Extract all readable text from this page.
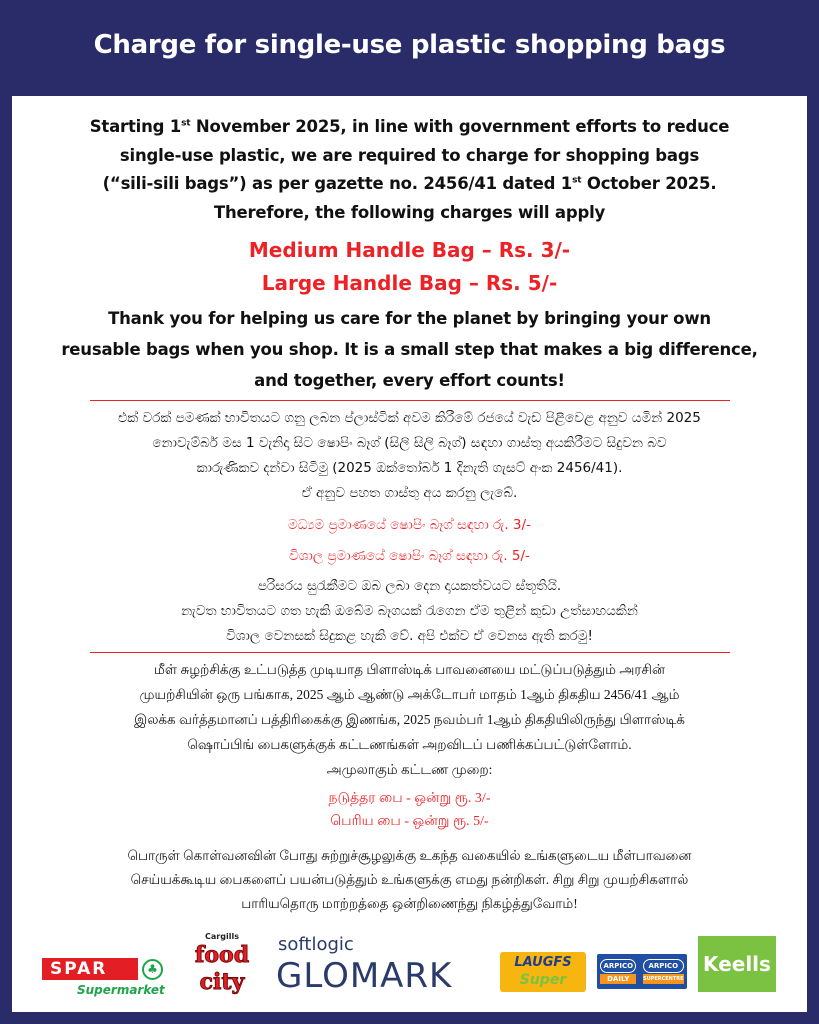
Charge for single-use plastic shopping bags
Starting 1st November 2025, in line with government efforts to reduce
single-use plastic, we are required to charge for shopping bags
(“sili-sili bags”) as per gazette no. 2456/41 dated 1st October 2025.
Therefore, the following charges will apply
Medium Handle Bag – Rs. 3/-
Large Handle Bag – Rs. 5/-
Thank you for helping us care for the planet by bringing your own
reusable bags when you shop. It is a small step that makes a big difference,
and together, every effort counts!
එක් වරක් පමණක් භාවිතයට ගනු ලබන ප්ලාස්ටික් අවම කිරීමේ රජයේ වැඩ පිළිවෙළ අනුව යමින් 2025
නොවැම්බර් මස 1 වැනිදා සිට ෂොපිං බෑග් (සිලි සිලි බෑග්) සඳහා ගාස්තු අයකිරීමට සිදුවන බව
කාරුණිකව දන්වා සිටිමු (2025 ඔක්තෝබර් 1 දිනැති ගැසට් අංක 2456/41).
ඒ අනුව පහත ගාස්තු අය කරනු ලැබේ.
මධ්‍යම ප්‍රමාණයේ ෂොපිං බෑග් සඳහා රු. 3/-
විශාල ප්‍රමාණයේ ෂොපිං බෑග් සඳහා රු. 5/-
පරිසරය සුරැකීමට ඔබ ලබා දෙන දායකත්වයට ස්තූතියි.
නැවත භාවිතයට ගත හැකි ඔබේම බෑගයක් රැගෙන ඒම තුළින් කුඩා උත්සාහයකින්
විශාල වෙනසක් සිදුකළ හැකි වේ. අපි එක්ව ඒ වෙනස ඇති කරමු!
மீள் சுழற்சிக்கு உட்படுத்த முடியாத பிளாஸ்டிக் பாவனையை மட்டுப்படுத்தும் அரசின்
முயற்சியின் ஒரு பங்காக, 2025 ஆம் ஆண்டு அக்டோபர் மாதம் 1ஆம் திகதிய 2456/41 ஆம்
இலக்க வர்த்தமானப் பத்திரிகைக்கு இணங்க, 2025 நவம்பர் 1ஆம் திகதியிலிருந்து பிளாஸ்டிக்
ஷொப்பிங் பைகளுக்குக் கட்டணங்கள் அறவிடப் பணிக்கப்பட்டுள்ளோம்.
அமுலாகும் கட்டண முறை:
நடுத்தர பை - ஒன்று ரூ. 3/-
பெரிய பை - ஒன்று ரூ. 5/-
பொருள் கொள்வனவின் போது சுற்றுச்சூழலுக்கு உகந்த வகையில் உங்களுடைய மீள்பாவனை
செய்யக்கூடிய பைகளைப் பயன்படுத்தும் உங்களுக்கு எமது நன்றிகள். சிறு சிறு முயற்சிகளால்
பாரியதொரு மாற்றத்தை ஒன்றிணைந்து நிகழ்த்துவோம்!
SPAR	♣
Supermarket
Cargills
food
city
softlogic
GLOMARK	LAUGFS
Super
ARPICO
DAILY
ARPICO
SUPERCENTRE
Keells
